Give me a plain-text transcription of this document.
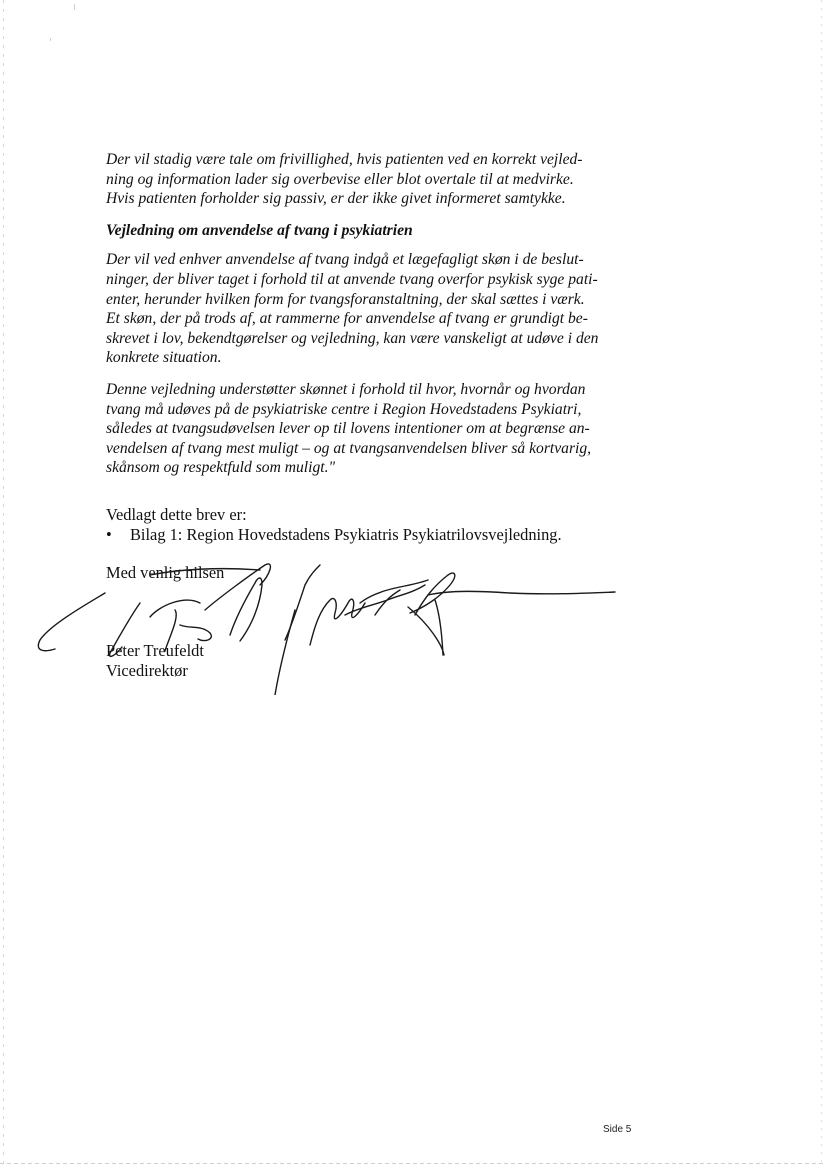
Der vil stadig være tale om frivillighed, hvis patienten ved en korrekt vejled-
ning og information lader sig overbevise eller blot overtale til at medvirke.
Hvis patienten forholder sig passiv, er der ikke givet informeret samtykke.

Vejledning om anvendelse af tvang i psykiatrien

Der vil ved enhver anvendelse af tvang indgå et lægefagligt skøn i de beslut-
ninger, der bliver taget i forhold til at anvende tvang overfor psykisk syge pati-
enter, herunder hvilken form for tvangsforanstaltning, der skal sættes i værk.
Et skøn, der på trods af, at rammerne for anvendelse af tvang er grundigt be-
skrevet i lov, bekendtgørelser og vejledning, kan være vanskeligt at udøve i den
konkrete situation.

Denne vejledning understøtter skønnet i forhold til hvor, hvornår og hvordan
tvang må udøves på de psykiatriske centre i Region Hovedstadens Psykiatri,
således at tvangsudøvelsen lever op til lovens intentioner om at begrænse an-
vendelsen af tvang mest muligt – og at tvangsanvendelsen bliver så kortvarig,
skånsom og respektfuld som muligt."

Vedlagt dette brev er:
• Bilag 1: Region Hovedstadens Psykiatris Psykiatrilovsvejledning.
Med venlig hilsen
Peter Treufeldt
Vicedirektør
Side 5
